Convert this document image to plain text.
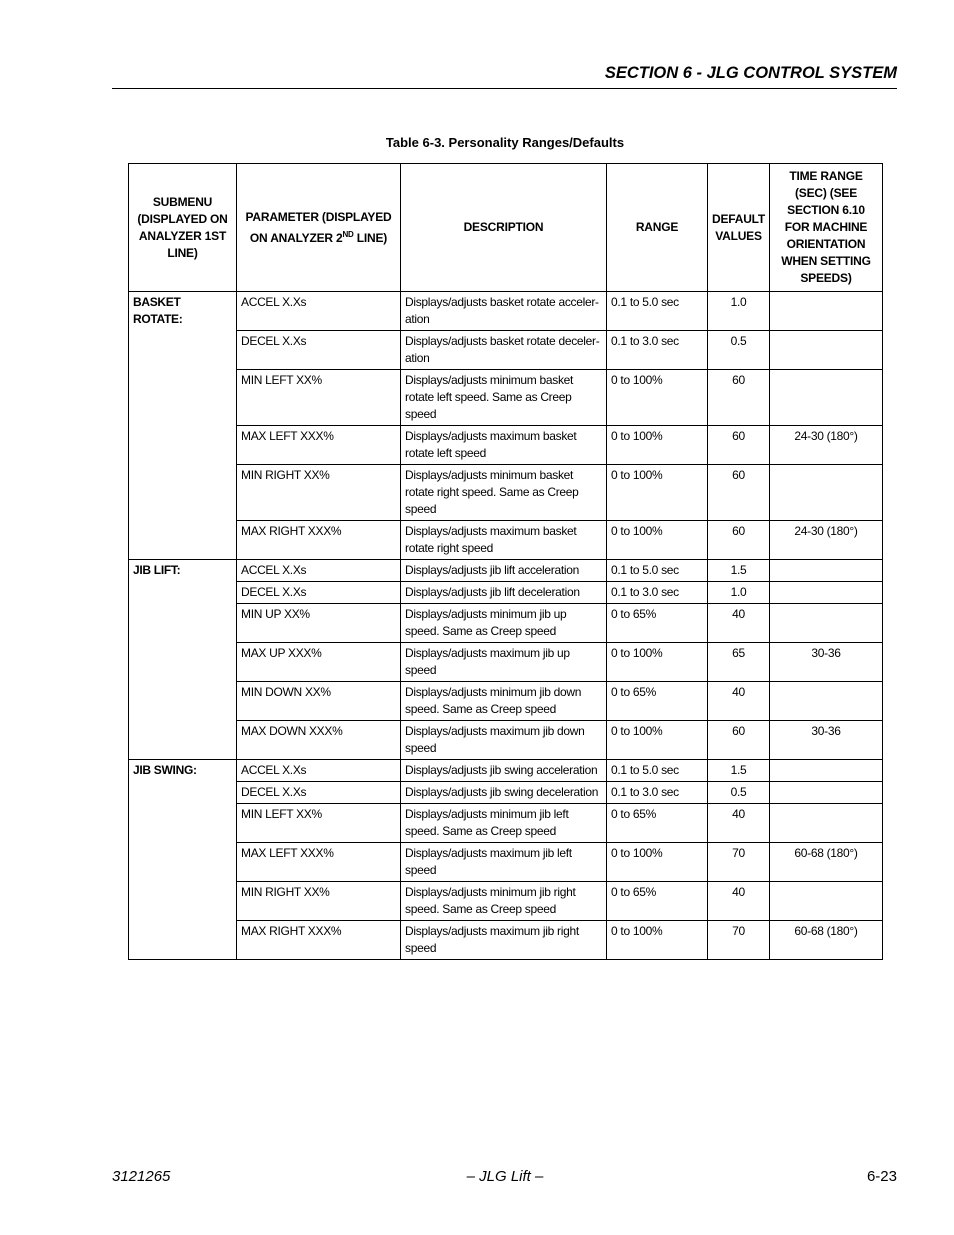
SECTION 6 - JLG CONTROL SYSTEM
Table 6-3. Personality Ranges/Defaults
SUBMENU (DISPLAYED ON ANALYZER 1ST LINE)	PARAMETER (DISPLAYED ON ANALYZER 2ND LINE)	DESCRIPTION	RANGE	DEFAULT VALUES	TIME RANGE (SEC) (SEE SECTION 6.10 FOR MACHINE ORIENTATION WHEN SETTING SPEEDS)
BASKET ROTATE:	ACCEL X.Xs	Displays/adjusts basket rotate acceler- ation	0.1 to 5.0 sec	1.0	
	DECEL X.Xs	Displays/adjusts basket rotate deceler- ation	0.1 to 3.0 sec	0.5	
	MIN LEFT XX%	Displays/adjusts minimum basket rotate left speed. Same as Creep speed	0 to 100%	60	
	MAX LEFT XXX%	Displays/adjusts maximum basket rotate left speed	0 to 100%	60	24-30 (180°)
	MIN RIGHT XX%	Displays/adjusts minimum basket rotate right speed. Same as Creep speed	0 to 100%	60	
	MAX RIGHT XXX%	Displays/adjusts maximum basket rotate right speed	0 to 100%	60	24-30 (180°)
JIB LIFT:	ACCEL X.Xs	Displays/adjusts jib lift acceleration	0.1 to 5.0 sec	1.5	
	DECEL X.Xs	Displays/adjusts jib lift deceleration	0.1 to 3.0 sec	1.0	
	MIN UP XX%	Displays/adjusts minimum jib up speed. Same as Creep speed	0 to 65%	40	
	MAX UP XXX%	Displays/adjusts maximum jib up speed	0 to 100%	65	30-36
	MIN DOWN XX%	Displays/adjusts minimum jib down speed. Same as Creep speed	0 to 65%	40	
	MAX DOWN XXX%	Displays/adjusts maximum jib down speed	0 to 100%	60	30-36
JIB SWING:	ACCEL X.Xs	Displays/adjusts jib swing acceleration	0.1 to 5.0 sec	1.5	
	DECEL X.Xs	Displays/adjusts jib swing deceleration	0.1 to 3.0 sec	0.5	
	MIN LEFT XX%	Displays/adjusts minimum jib left speed. Same as Creep speed	0 to 65%	40	
	MAX LEFT XXX%	Displays/adjusts maximum jib left speed	0 to 100%	70	60-68 (180°)
	MIN RIGHT XX%	Displays/adjusts minimum jib right speed. Same as Creep speed	0 to 65%	40	
	MAX RIGHT XXX%	Displays/adjusts maximum jib right speed	0 to 100%	70	60-68 (180°)
3121265	– JLG Lift –	6-23
